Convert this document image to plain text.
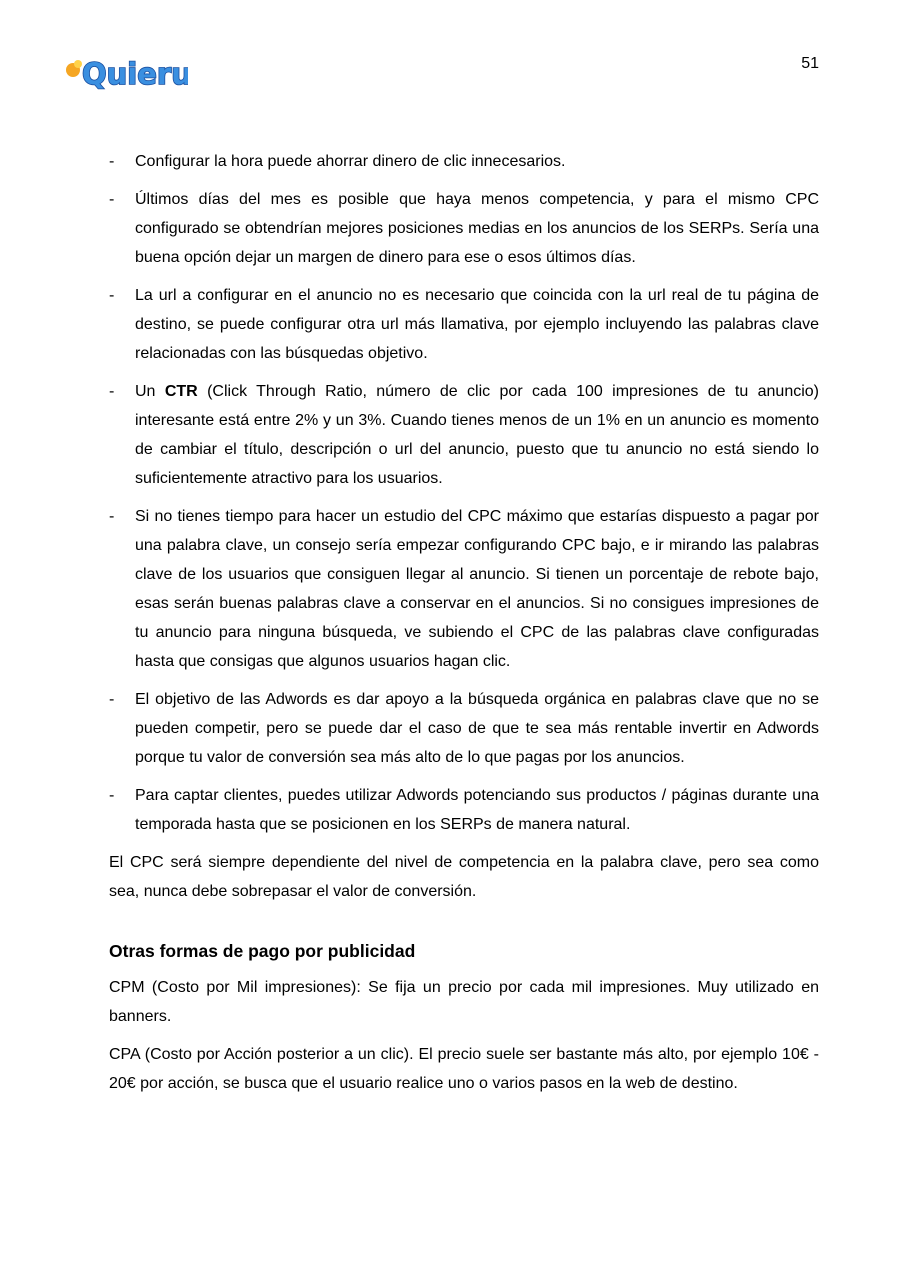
Quieru	51
-	Configurar la hora puede ahorrar dinero de clic innecesarios.
-	Últimos días del mes es posible que haya menos competencia, y para el mismo CPC configurado se obtendrían mejores posiciones medias en los anuncios de los SERPs. Sería una buena opción dejar un margen de dinero para ese o esos últimos días.
-	La url a configurar en el anuncio no es necesario que coincida con la url real de tu página de destino, se puede configurar otra url más llamativa, por ejemplo incluyendo las palabras clave relacionadas con las búsquedas objetivo.
-	Un CTR (Click Through Ratio, número de clic por cada 100 impresiones de tu anuncio) interesante está entre 2% y un 3%. Cuando tienes menos de un 1% en un anuncio es momento de cambiar el título, descripción o url del anuncio, puesto que tu anuncio no está siendo lo suficientemente atractivo para los usuarios.
-	Si no tienes tiempo para hacer un estudio del CPC máximo que estarías dispuesto a pagar por una palabra clave, un consejo sería empezar configurando CPC bajo, e ir mirando las palabras clave de los usuarios que consiguen llegar al anuncio. Si tienen un porcentaje de rebote bajo, esas serán buenas palabras clave a conservar en el anuncios. Si no consigues impresiones de tu anuncio para ninguna búsqueda, ve subiendo el CPC de las palabras clave configuradas hasta que consigas que algunos usuarios hagan clic.
-	El objetivo de las Adwords es dar apoyo a la búsqueda orgánica en palabras clave que no se pueden competir, pero se puede dar el caso de que te sea más rentable invertir en Adwords porque tu valor de conversión sea más alto de lo que pagas por los anuncios.
-	Para captar clientes, puedes utilizar Adwords potenciando sus productos / páginas durante una temporada hasta que se posicionen en los SERPs de manera natural.
El CPC será siempre dependiente del nivel de competencia en la palabra clave, pero sea como sea, nunca debe sobrepasar el valor de conversión.
Otras formas de pago por publicidad
CPM (Costo por Mil impresiones): Se fija un precio por cada mil impresiones. Muy utilizado en banners.
CPA (Costo por Acción posterior a un clic). El precio suele ser bastante más alto, por ejemplo 10€ - 20€ por acción, se busca que el usuario realice uno o varios pasos en la web de destino.
